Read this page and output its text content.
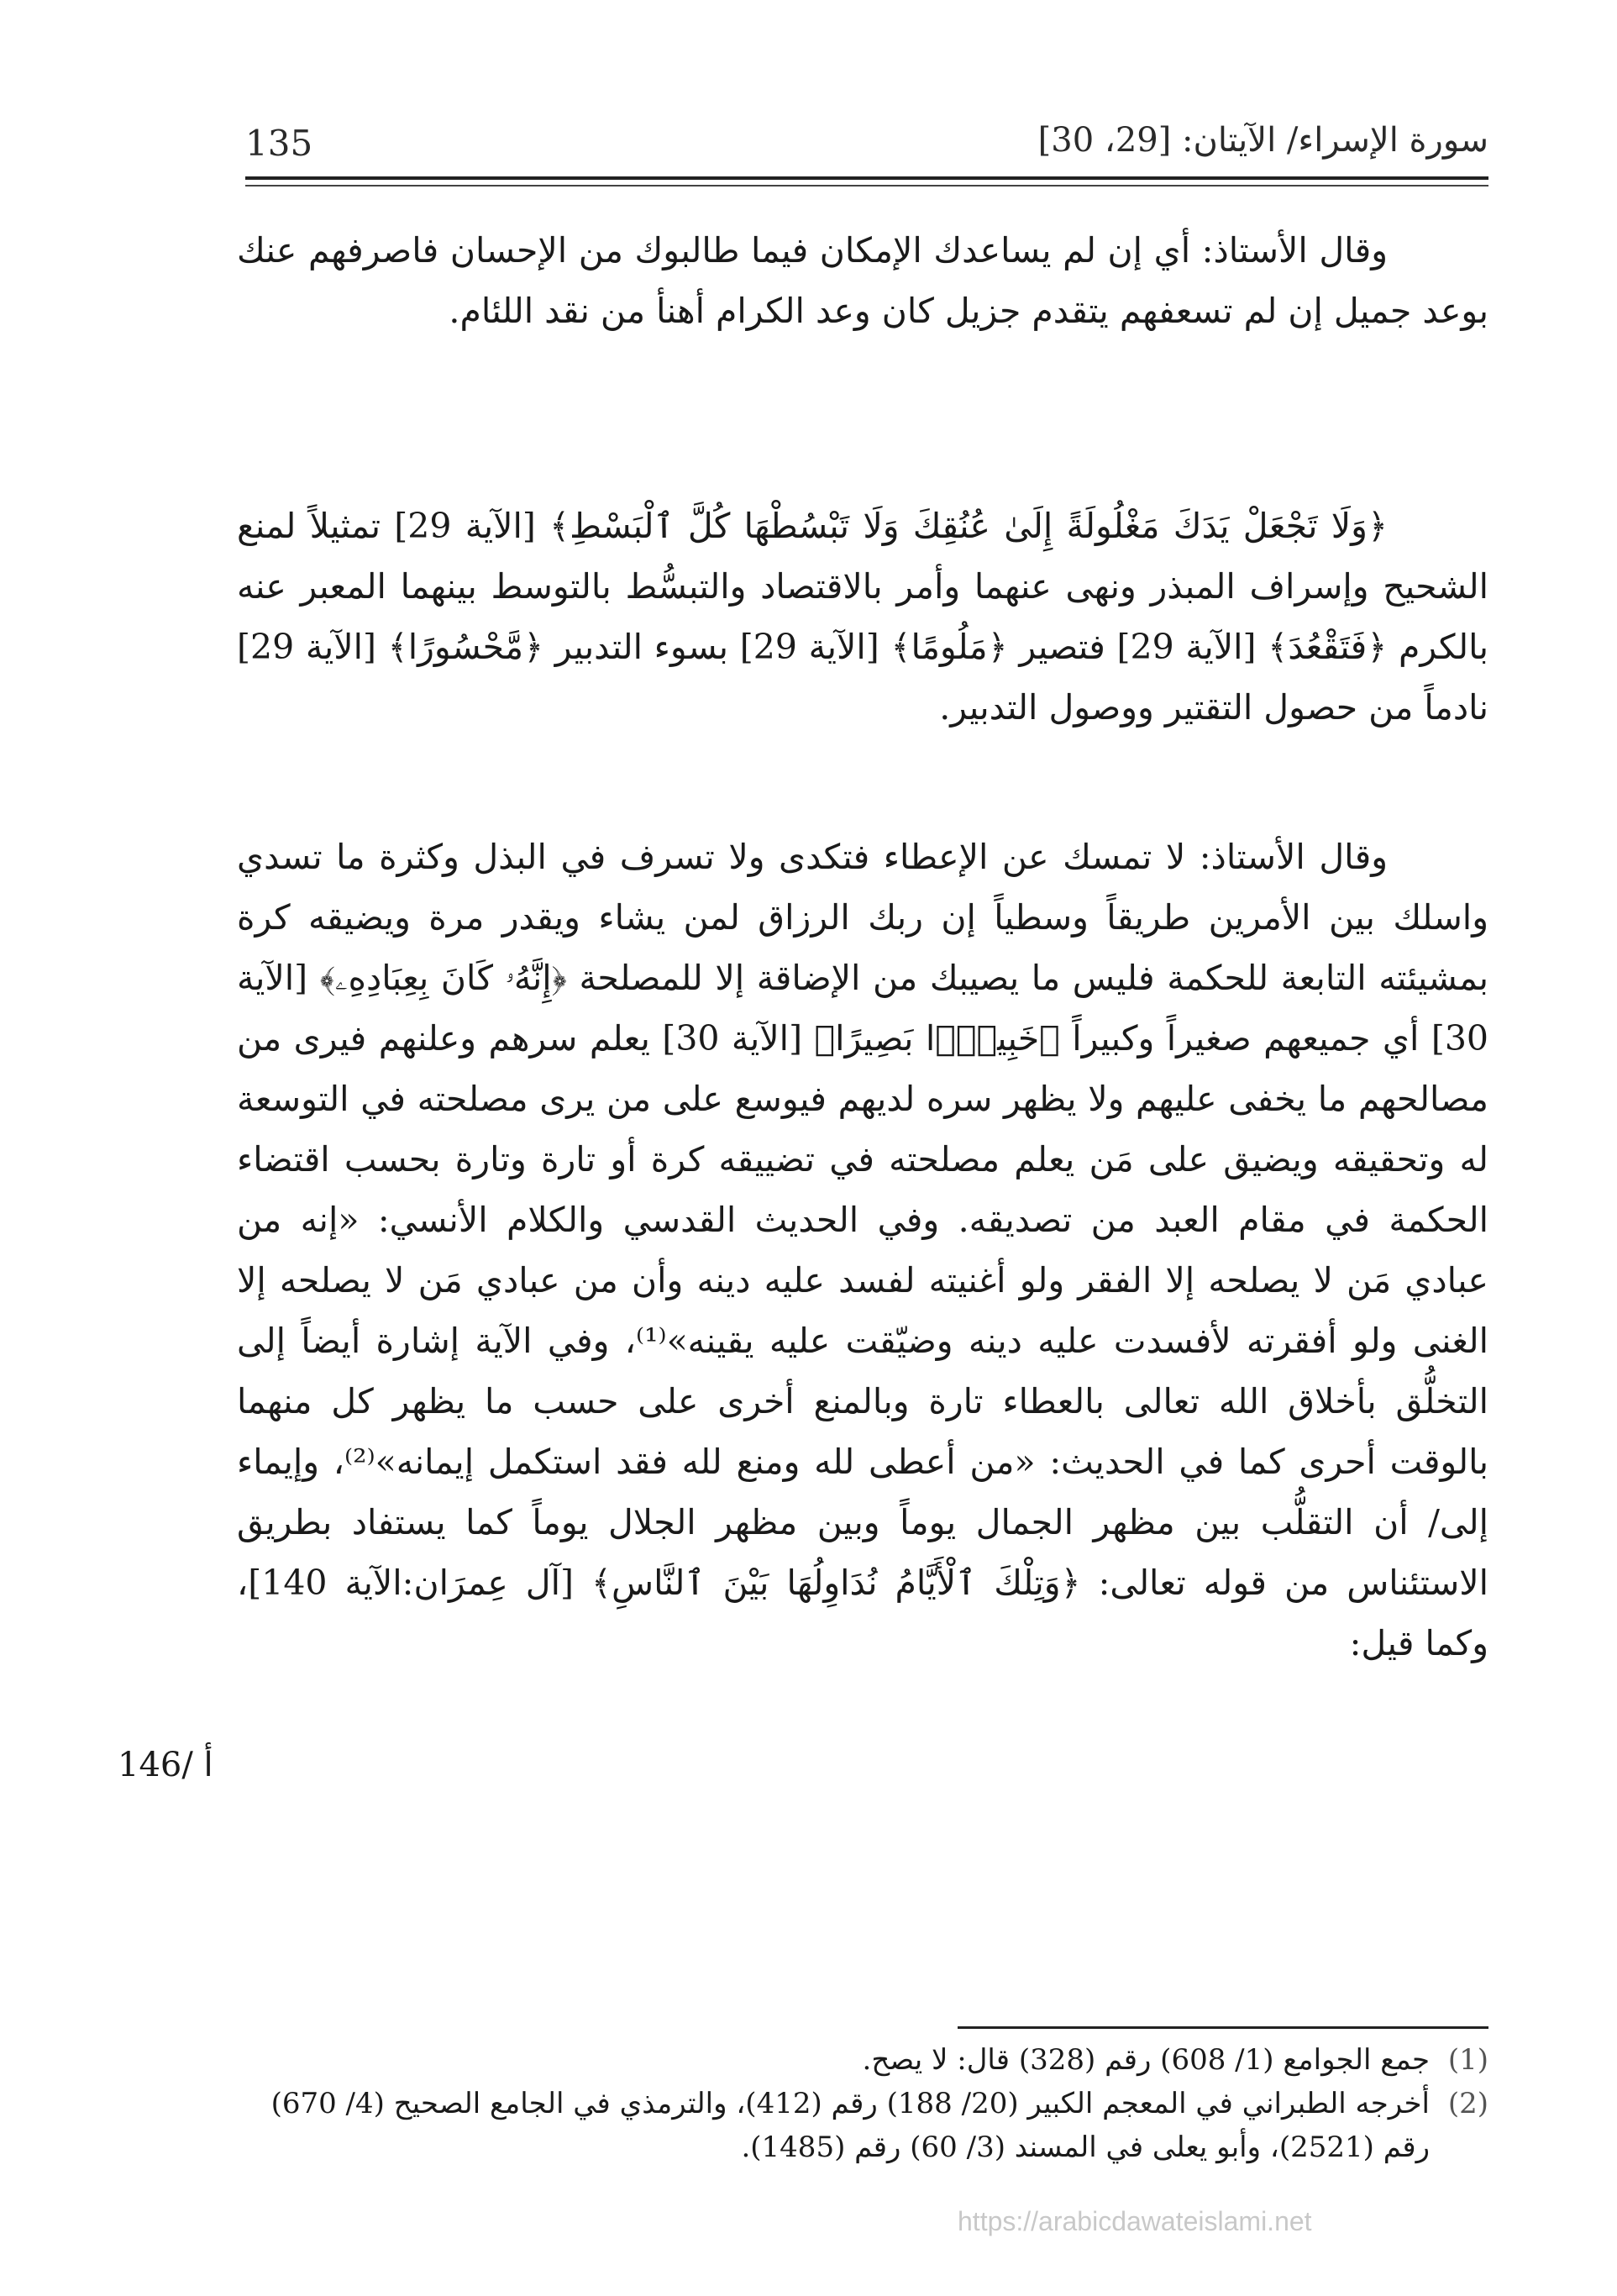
135	سورة الإسراء/ الآيتان: [29، 30]

وقال الأستاذ: أي إن لم يساعدك الإمكان فيما طالبوك من الإحسان فاصرفهم عنك بوعد جميل إن لم تسعفهم يتقدم جزيل كان وعد الكرام أهنأ من نقد اللئام.

﴿وَلَا تَجْعَلْ يَدَكَ مَغْلُولَةً إِلَىٰ عُنُقِكَ وَلَا تَبْسُطْهَا كُلَّ ٱلْبَسْطِ﴾ [الآية 29] تمثيلاً لمنع الشحيح وإسراف المبذر ونهى عنهما وأمر بالاقتصاد والتبسُّط بالتوسط بينهما المعبر عنه بالكرم ﴿فَتَقْعُدَ﴾ [الآية 29] فتصير ﴿مَلُومًا﴾ [الآية 29] بسوء التدبير ﴿مَّحْسُورًا﴾ [الآية 29] نادماً من حصول التقتير ووصول التدبير.

وقال الأستاذ: لا تمسك عن الإعطاء فتكدى ولا تسرف في البذل وكثرة ما تسدي واسلك بين الأمرين طريقاً وسطياً إن ربك الرزاق لمن يشاء ويقدر مرة ويضيقه كرة بمشيئته التابعة للحكمة فليس ما يصيبك من الإضاقة إلا للمصلحة ﴿إِنَّهُۥ كَانَ بِعِبَادِهِۦ﴾ [الآية 30] أي جميعهم صغيراً وكبيراً ﴿خَبِيرًۢا بَصِيرًا﴾ [الآية 30] يعلم سرهم وعلنهم فيرى من مصالحهم ما يخفى عليهم ولا يظهر سره لديهم فيوسع على من يرى مصلحته في التوسعة له وتحقيقه ويضيق على مَن يعلم مصلحته في تضييقه كرة أو تارة وتارة بحسب اقتضاء الحكمة في مقام العبد من تصديقه. وفي الحديث القدسي والكلام الأنسي: «إنه من عبادي مَن لا يصلحه إلا الفقر ولو أغنيته لفسد عليه دينه وأن من عبادي مَن لا يصلحه إلا الغنى ولو أفقرته لأفسدت عليه دينه وضيّقت عليه يقينه»⁽¹⁾، وفي الآية إشارة أيضاً إلى التخلُّق بأخلاق الله تعالى بالعطاء تارة وبالمنع أخرى على حسب ما يظهر كل منهما بالوقت أحرى كما في الحديث: «من أعطى لله ومنع لله فقد استكمل إيمانه»⁽²⁾، وإيماء إلى/ أن التقلُّب بين مظهر الجمال يوماً وبين مظهر الجلال يوماً كما يستفاد بطريق الاستئناس من قوله تعالى: ﴿وَتِلْكَ ٱلْأَيَّامُ نُدَاوِلُهَا بَيْنَ ٱلنَّاسِ﴾ [آل عِمرَان:الآية 140]، وكما قيل:

146/ أ
(1)
جمع الجوامع (1/ 608) رقم (328) قال: لا يصح.
(2)
أخرجه الطبراني في المعجم الكبير (20/ 188) رقم (412)، والترمذي في الجامع الصحيح (4/ 670) رقم (2521)، وأبو يعلى في المسند (3/ 60) رقم (1485).
https://arabicdawateislami.net
